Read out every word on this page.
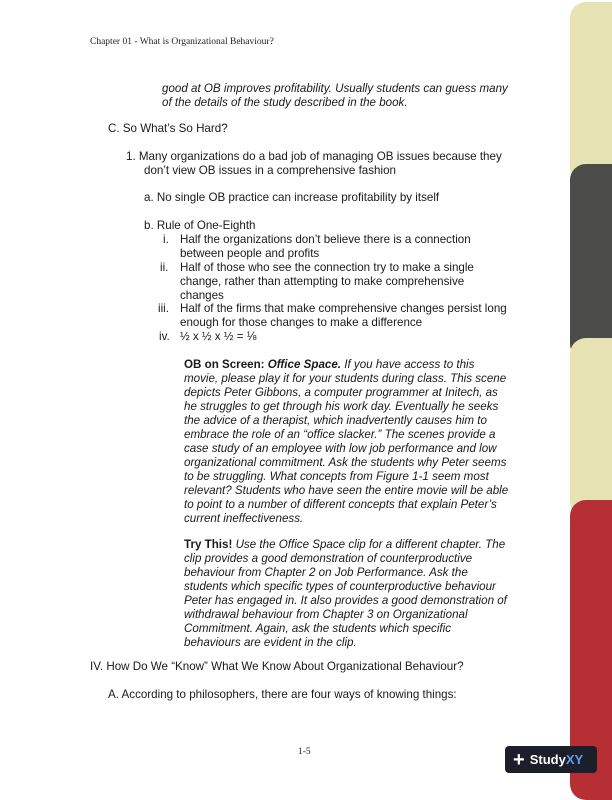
Chapter 01 - What is Organizational Behaviour?
good at OB improves profitability. Usually students can guess many
of the details of the study described in the book.
C. So What’s So Hard?
1. Many organizations do a bad job of managing OB issues because they
don’t view OB issues in a comprehensive fashion
a. No single OB practice can increase profitability by itself
b. Rule of One-Eighth
i. Half the organizations don’t believe there is a connection
between people and profits
ii. Half of those who see the connection try to make a single
change, rather than attempting to make comprehensive
changes
iii. Half of the firms that make comprehensive changes persist long
enough for those changes to make a difference
iv. ½ x ½ x ½ = ⅛
OB on Screen: Office Space. If you have access to this
movie, please play it for your students during class. This scene
depicts Peter Gibbons, a computer programmer at Initech, as
he struggles to get through his work day. Eventually he seeks
the advice of a therapist, which inadvertently causes him to
embrace the role of an “office slacker.” The scenes provide a
case study of an employee with low job performance and low
organizational commitment. Ask the students why Peter seems
to be struggling. What concepts from Figure 1-1 seem most
relevant? Students who have seen the entire movie will be able
to point to a number of different concepts that explain Peter’s
current ineffectiveness.
Try This! Use the Office Space clip for a different chapter. The
clip provides a good demonstration of counterproductive
behaviour from Chapter 2 on Job Performance. Ask the
students which specific types of counterproductive behaviour
Peter has engaged in. It also provides a good demonstration of
withdrawal behaviour from Chapter 3 on Organizational
Commitment. Again, ask the students which specific
behaviours are evident in the clip.
IV. How Do We “Know” What We Know About Organizational Behaviour?
A. According to philosophers, there are four ways of knowing things:
1-5	+ Study XY
